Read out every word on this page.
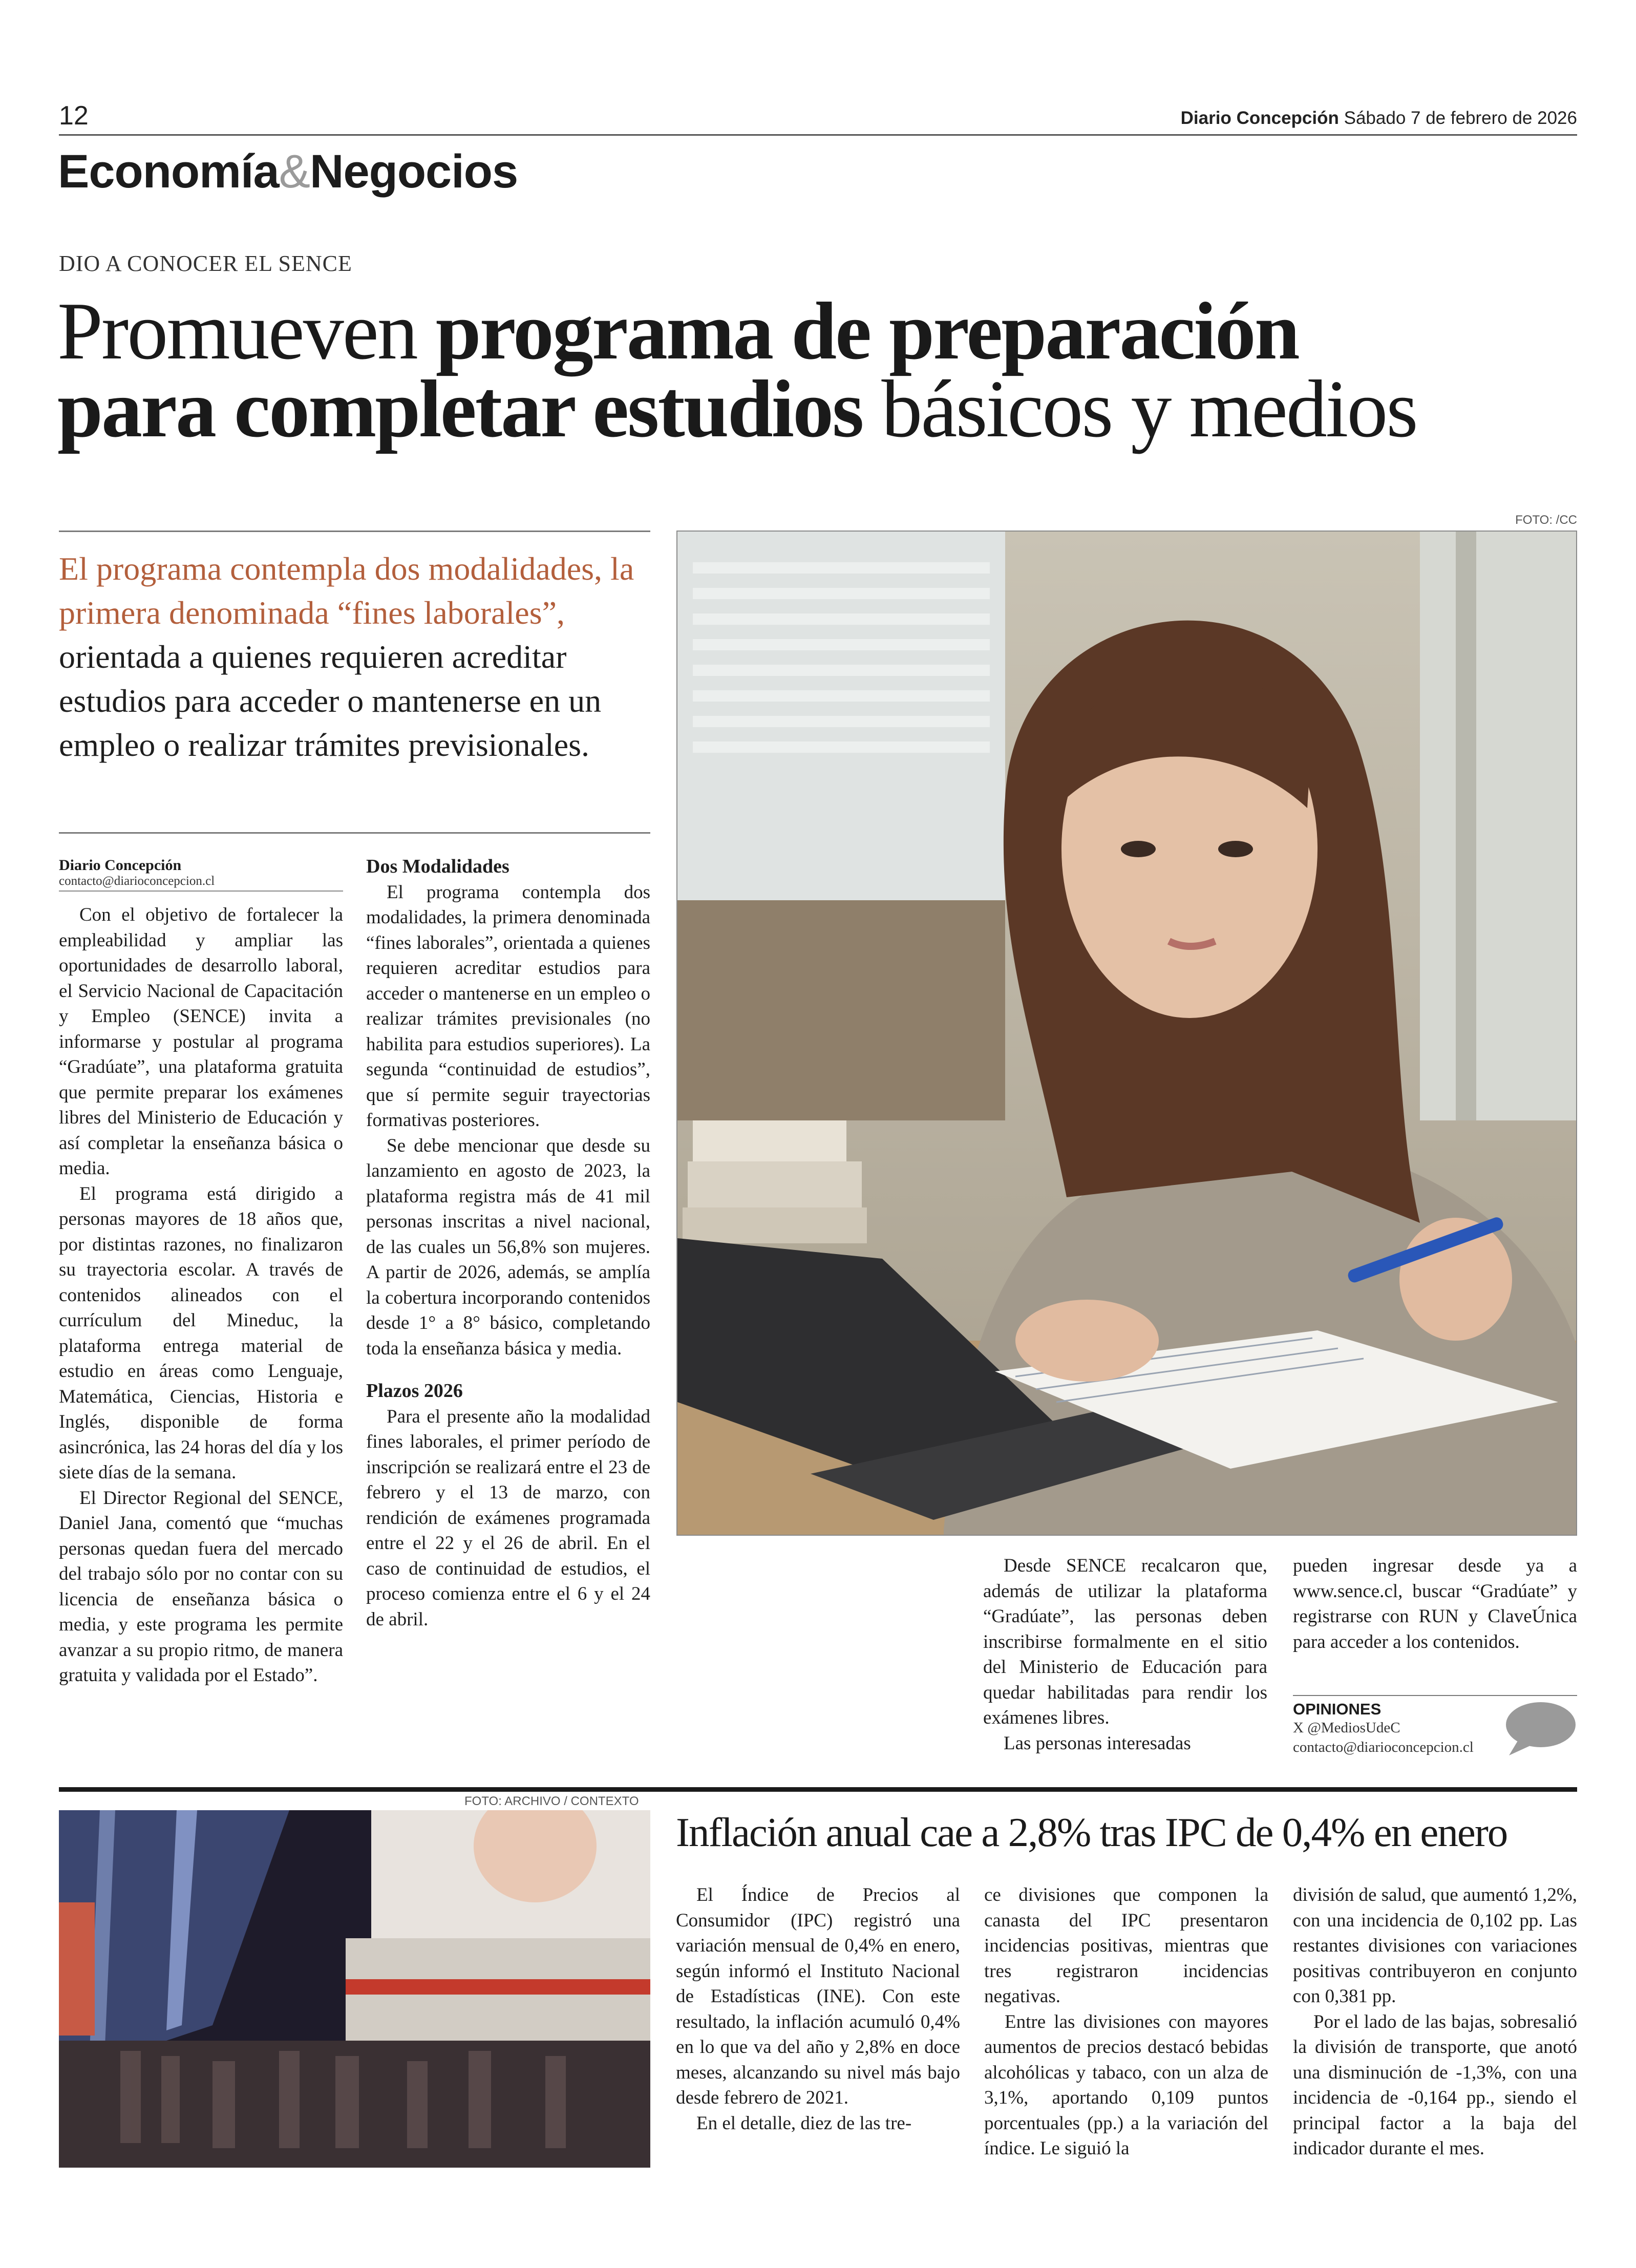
12	Diario Concepción Sábado 7 de febrero de 2026
Economía&Negocios
DIO A CONOCER EL SENCE
Promueven programa de preparación
para completar estudios básicos y medios
El programa contempla dos modalidades, la primera denominada “fines laborales”, orientada a quienes requieren acreditar estudios para acceder o mantenerse en un empleo o realizar trámites previsionales.
FOTO: /CC
Diario Concepción
contacto@diarioconcepcion.cl

Con el objetivo de fortalecer la empleabilidad y ampliar las oportunidades de desarrollo laboral, el Servicio Nacional de Capacitación y Empleo (SENCE) invita a informarse y postular al programa “Gradúate”, una plataforma gratuita que permite preparar los exámenes libres del Ministerio de Educación y así completar la enseñanza básica o media.

El programa está dirigido a personas mayores de 18 años que, por distintas razones, no finalizaron su trayectoria escolar. A través de contenidos alineados con el currículum del Mineduc, la plataforma entrega material de estudio en áreas como Lenguaje, Matemática, Ciencias, Historia e Inglés, disponible de forma asincrónica, las 24 horas del día y los siete días de la semana.

El Director Regional del SENCE, Daniel Jana, comentó que “muchas personas quedan fuera del mercado del trabajo sólo por no contar con su licencia de enseñanza básica o media, y este programa les permite avanzar a su propio ritmo, de manera gratuita y validada por el Estado”.

Dos Modalidades

El programa contempla dos modalidades, la primera denominada “fines laborales”, orientada a quienes requieren acreditar estudios para acceder o mantenerse en un empleo o realizar trámites previsionales (no habilita para estudios superiores). La segunda “continuidad de estudios”, que sí permite seguir trayectorias formativas posteriores.

Se debe mencionar que desde su lanzamiento en agosto de 2023, la plataforma registra más de 41 mil personas inscritas a nivel nacional, de las cuales un 56,8% son mujeres. A partir de 2026, además, se amplía la cobertura incorporando contenidos desde 1° a 8° básico, completando toda la enseñanza básica y media.

Plazos 2026

Para el presente año la modalidad fines laborales, el primer período de inscripción se realizará entre el 23 de febrero y el 13 de marzo, con rendición de exámenes programada entre el 22 y el 26 de abril. En el caso de continuidad de estudios, el proceso comienza entre el 6 y el 24 de abril.

Desde SENCE recalcaron que, además de utilizar la plataforma “Gradúate”, las personas deben inscribirse formalmente en el sitio del Ministerio de Educación para quedar habilitadas para rendir los exámenes libres.

Las personas interesadas

pueden ingresar desde ya a www.sence.cl, buscar “Gradúate” y registrarse con RUN y ClaveÚnica para acceder a los contenidos.

OPINIONES
X @MediosUdeC
contacto@diarioconcepcion.cl
FOTO: ARCHIVO / CONTEXTO
Inflación anual cae a 2,8% tras IPC de 0,4% en enero

El Índice de Precios al Consumidor (IPC) registró una variación mensual de 0,4% en enero, según informó el Instituto Nacional de Estadísticas (INE). Con este resultado, la inflación acumuló 0,4% en lo que va del año y 2,8% en doce meses, alcanzando su nivel más bajo desde febrero de 2021.

En el detalle, diez de las tre-

ce divisiones que componen la canasta del IPC presentaron incidencias positivas, mientras que tres registraron incidencias negativas.

Entre las divisiones con mayores aumentos de precios destacó bebidas alcohólicas y tabaco, con un alza de 3,1%, aportando 0,109 puntos porcentuales (pp.) a la variación del índice. Le siguió la

división de salud, que aumentó 1,2%, con una incidencia de 0,102 pp. Las restantes divisiones con variaciones positivas contribuyeron en conjunto con 0,381 pp.

Por el lado de las bajas, sobresalió la división de transporte, que anotó una disminución de -1,3%, con una incidencia de -0,164 pp., siendo el principal factor a la baja del indicador durante el mes.
